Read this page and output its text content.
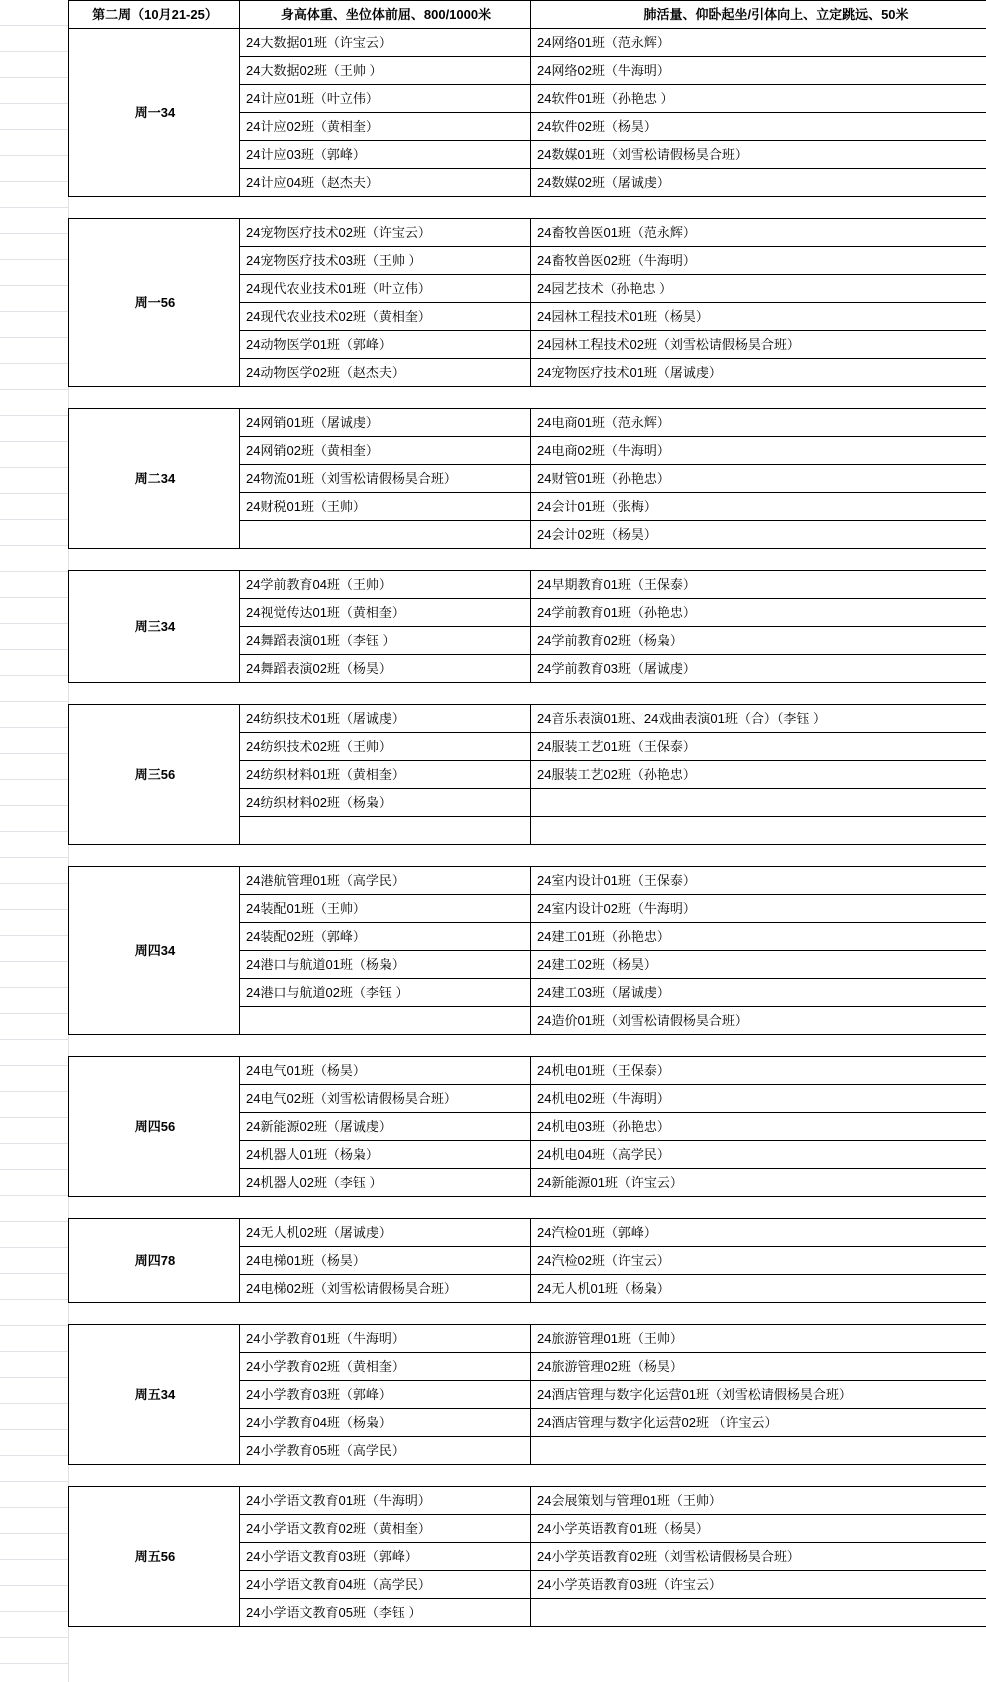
第二周（10月21-25）	身高体重、坐位体前屈、800/1000米	肺活量、仰卧起坐/引体向上、立定跳远、50米
周一34	24大数据01班（许宝云）	24网络01班（范永辉）
	24大数据02班（王帅 ）	24网络02班（牛海明）
	24计应01班（叶立伟）	24软件01班（孙艳忠 ）
	24计应02班（黄相奎）	24软件02班（杨昊）
	24计应03班（郭峰）	24数媒01班（刘雪松请假杨昊合班）
	24计应04班（赵杰夫）	24数媒02班（屠诚虔）

周一56	24宠物医疗技术02班（许宝云）	24畜牧兽医01班（范永辉）
	24宠物医疗技术03班（王帅 ）	24畜牧兽医02班（牛海明）
	24现代农业技术01班（叶立伟）	24园艺技术（孙艳忠 ）
	24现代农业技术02班（黄相奎）	24园林工程技术01班（杨昊）
	24动物医学01班（郭峰）	24园林工程技术02班（刘雪松请假杨昊合班）
	24动物医学02班（赵杰夫）	24宠物医疗技术01班（屠诚虔）

周二34	24网销01班（屠诚虔）	24电商01班（范永辉）
	24网销02班（黄相奎）	24电商02班（牛海明）
	24物流01班（刘雪松请假杨昊合班）	24财管01班（孙艳忠）
	24财税01班（王帅）	24会计01班（张梅）
		24会计02班（杨昊）

周三34	24学前教育04班（王帅）	24早期教育01班（王保泰）
	24视觉传达01班（黄相奎）	24学前教育01班（孙艳忠）
	24舞蹈表演01班（李钰 ）	24学前教育02班（杨枭）
	24舞蹈表演02班（杨昊）	24学前教育03班（屠诚虔）

周三56	24纺织技术01班（屠诚虔）	24音乐表演01班、24戏曲表演01班（合）（李钰 ）
	24纺织技术02班（王帅）	24服装工艺01班（王保泰）
	24纺织材料01班（黄相奎）	24服装工艺02班（孙艳忠）
	24纺织材料02班（杨枭）	

周四34	24港航管理01班（高学民）	24室内设计01班（王保泰）
	24装配01班（王帅）	24室内设计02班（牛海明）
	24装配02班（郭峰）	24建工01班（孙艳忠）
	24港口与航道01班（杨枭）	24建工02班（杨昊）
	24港口与航道02班（李钰 ）	24建工03班（屠诚虔）
		24造价01班（刘雪松请假杨昊合班）

周四56	24电气01班（杨昊）	24机电01班（王保泰）
	24电气02班（刘雪松请假杨昊合班）	24机电02班（牛海明）
	24新能源02班（屠诚虔）	24机电03班（孙艳忠）
	24机器人01班（杨枭）	24机电04班（高学民）
	24机器人02班（李钰 ）	24新能源01班（许宝云）

周四78	24无人机02班（屠诚虔）	24汽检01班（郭峰）
	24电梯01班（杨昊）	24汽检02班（许宝云）
	24电梯02班（刘雪松请假杨昊合班）	24无人机01班（杨枭）

周五34	24小学教育01班（牛海明）	24旅游管理01班（王帅）
	24小学教育02班（黄相奎）	24旅游管理02班（杨昊）
	24小学教育03班（郭峰）	24酒店管理与数字化运营01班（刘雪松请假杨昊合班）
	24小学教育04班（杨枭）	24酒店管理与数字化运营02班 （许宝云）
	24小学教育05班（高学民）	

周五56	24小学语文教育01班（牛海明）	24会展策划与管理01班（王帅）
	24小学语文教育02班（黄相奎）	24小学英语教育01班（杨昊）
	24小学语文教育03班（郭峰）	24小学英语教育02班（刘雪松请假杨昊合班）
	24小学语文教育04班（高学民）	24小学英语教育03班（许宝云）
	24小学语文教育05班（李钰 ）	
